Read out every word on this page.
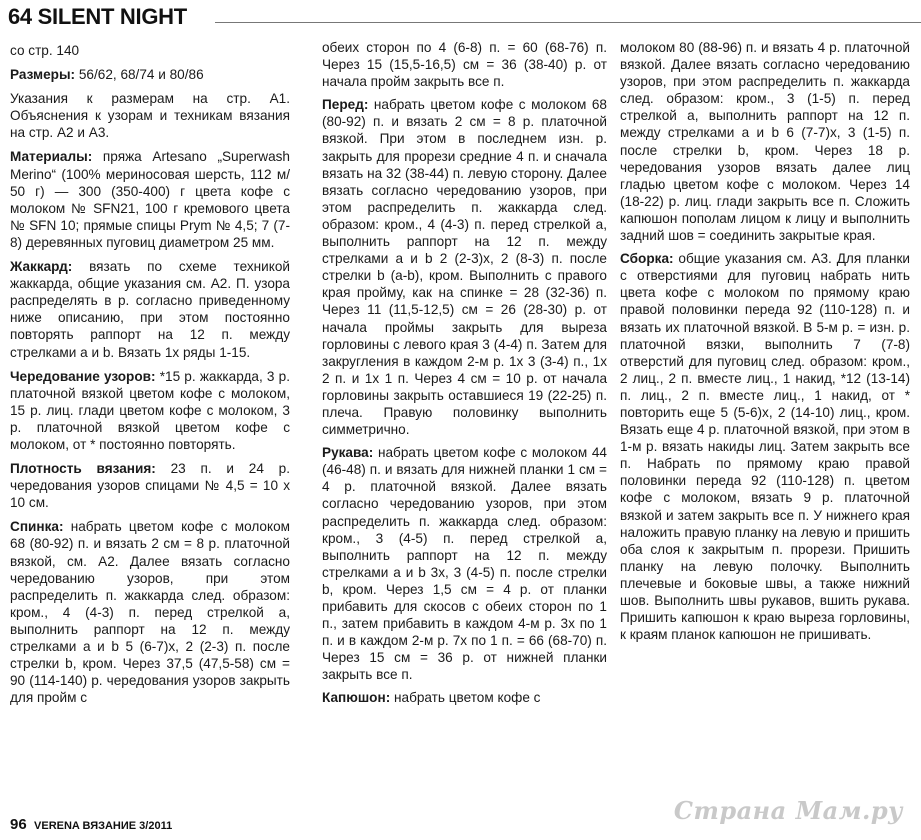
64 SILENT NIGHT

со стр. 140

Размеры: 56/62, 68/74 и 80/86

Указания к размерам на стр. А1. Объяснения к узорам и техникам вязания на стр. А2 и А3.

Материалы: пряжа Artesano „Superwash Merino“ (100% мериносовая шерсть, 112 м/ 50 г) — 300 (350-400) г цвета кофе с молоком № SFN21, 100 г кремового цвета № SFN 10; прямые спицы Prym № 4,5; 7 (7-8) деревянных пуговиц диаметром 25 мм.

Жаккард: вязать по схеме техникой жаккарда, общие указания см. А2. П. узора распределять в р. согласно приведенному ниже описанию, при этом постоянно повторять раппорт на 12 п. между стрелками a и b. Вязать 1х ряды 1-15.

Чередование узоров: *15 р. жаккарда, 3 р. платочной вязкой цветом кофе с молоком, 15 р. лиц. глади цветом кофе с молоком, 3 р. платочной вязкой цветом кофе с молоком, от * постоянно повторять.

Плотность вязания: 23 п. и 24 р. чередования узоров спицами № 4,5 = 10 х 10 см.

Спинка: набрать цветом кофе с молоком 68 (80-92) п. и вязать 2 см = 8 р. платочной вязкой, см. А2. Далее вязать согласно чередованию узоров, при этом распределить п. жаккарда след. образом: кром., 4 (4-3) п. перед стрелкой a, выполнить раппорт на 12 п. между стрелками a и b 5 (6-7)х, 2 (2-3) п. после стрелки b, кром. Через 37,5 (47,5-58) см = 90 (114-140) р. чередования узоров закрыть для пройм с

обеих сторон по 4 (6-8) п. = 60 (68-76) п. Через 15 (15,5-16,5) см = 36 (38-40) р. от начала пройм закрыть все п.

Перед: набрать цветом кофе с молоком 68 (80-92) п. и вязать 2 см = 8 р. платочной вязкой. При этом в последнем изн. р. закрыть для прорези средние 4 п. и сначала вязать на 32 (38-44) п. левую сторону. Далее вязать согласно чередованию узоров, при этом распределить п. жаккарда след. образом: кром., 4 (4-3) п. перед стрелкой a, выполнить раппорт на 12 п. между стрелками a и b 2 (2-3)х, 2 (8-3) п. после стрелки b (a-b), кром. Выполнить с правого края пройму, как на спинке = 28 (32-36) п. Через 11 (11,5-12,5) см = 26 (28-30) р. от начала проймы закрыть для выреза горловины с левого края 3 (4-4) п. Затем для закругления в каждом 2-м р. 1х 3 (3-4) п., 1х 2 п. и 1х 1 п. Через 4 см = 10 р. от начала горловины закрыть оставшиеся 19 (22-25) п. плеча. Правую половинку выполнить симметрично.

Рукава: набрать цветом кофе с молоком 44 (46-48) п. и вязать для нижней планки 1 см = 4 р. платочной вязкой. Далее вязать согласно чередованию узоров, при этом распределить п. жаккарда след. образом: кром., 3 (4-5) п. перед стрелкой a, выполнить раппорт на 12 п. между стрелками a и b 3х, 3 (4-5) п. после стрелки b, кром. Через 1,5 см = 4 р. от планки прибавить для скосов с обеих сторон по 1 п., затем прибавить в каждом 4-м р. 3х по 1 п. и в каждом 2-м р. 7х по 1 п. = 66 (68-70) п. Через 15 см = 36 р. от нижней планки закрыть все п.

Капюшон: набрать цветом кофе с

молоком 80 (88-96) п. и вязать 4 р. платочной вязкой. Далее вязать согласно чередованию узоров, при этом распределить п. жаккарда след. образом: кром., 3 (1-5) п. перед стрелкой a, выполнить раппорт на 12 п. между стрелками a и b 6 (7-7)х, 3 (1-5) п. после стрелки b, кром. Через 18 р. чередования узоров вязать далее лиц гладью цветом кофе с молоком. Через 14 (18-22) р. лиц. глади закрыть все п. Сложить капюшон пополам лицом к лицу и выполнить задний шов = соединить закрытые края.

Сборка: общие указания см. А3. Для планки с отверстиями для пуговиц набрать нить цвета кофе с молоком по прямому краю правой половинки переда 92 (110-128) п. и вязать их платочной вязкой. В 5-м р. = изн. р. платочной вязки, выполнить 7 (7-8) отверстий для пуговиц след. образом: кром., 2 лиц., 2 п. вместе лиц., 1 накид, *12 (13-14) п. лиц., 2 п. вместе лиц., 1 накид, от * повторить еще 5 (5-6)х, 2 (14-10) лиц., кром. Вязать еще 4 р. платочной вязкой, при этом в 1-м р. вязать накиды лиц. Затем закрыть все п. Набрать по прямому краю правой половинки переда 92 (110-128) п. цветом кофе с молоком, вязать 9 р. платочной вязкой и затем закрыть все п. У нижнего края наложить правую планку на левую и пришить оба слоя к закрытым п. прорези. Пришить планку на левую полочку. Выполнить плечевые и боковые швы, а также нижний шов. Выполнить швы рукавов, вшить рукава. Пришить капюшон к краю выреза горловины, к краям планок капюшон не пришивать.

96 VERENA ВЯЗАНИЕ 3/2011
Страна Мам.ру
